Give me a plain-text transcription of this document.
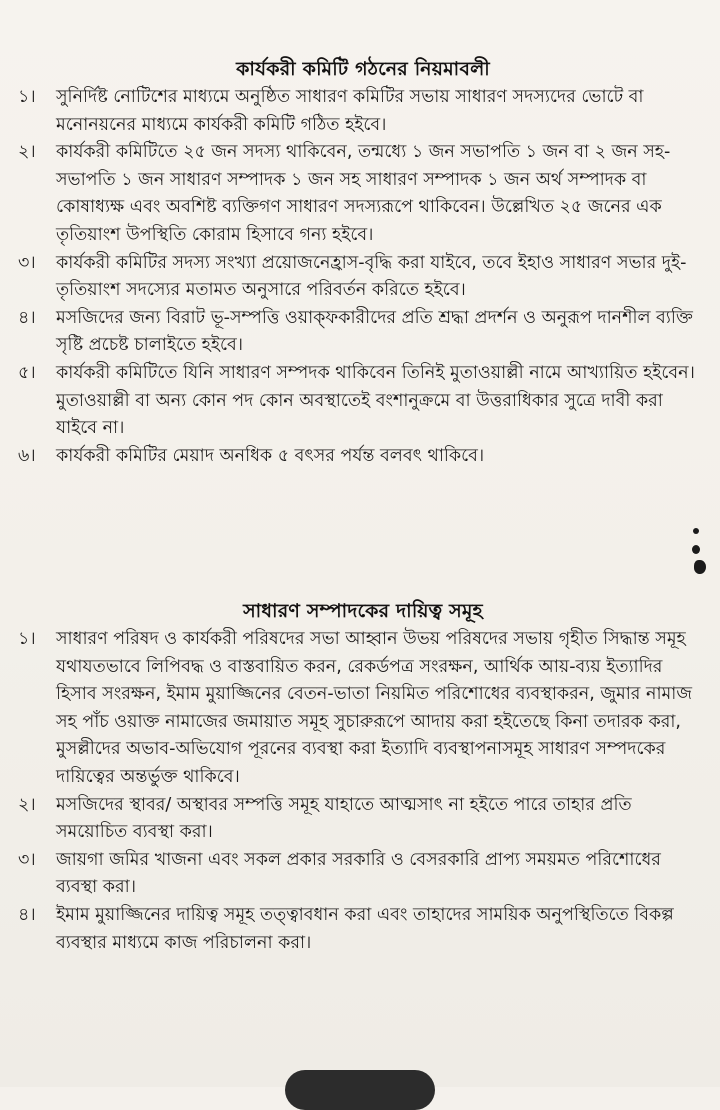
কার্যকরী কমিটি গঠনের নিয়মাবলী
১।	সুনির্দিষ্ট নোটিশের মাধ্যমে অনুষ্ঠিত সাধারণ কমিটির সভায় সাধারণ সদস্যদের ভোটে বা মনোনয়নের মাধ্যমে কার্যকরী কমিটি গঠিত হইবে।
২।	কার্যকরী কমিটিতে ২৫ জন সদস্য থাকিবেন, তন্মধ্যে ১ জন সভাপতি ১ জন বা ২ জন সহ-সভাপতি ১ জন সাধারণ সম্পাদক ১ জন সহ সাধারণ সম্পাদক ১ জন অর্থ সম্পাদক বা কোষাধ্যক্ষ এবং অবশিষ্ট ব্যক্তিগণ সাধারণ সদস্যরূপে থাকিবেন। উল্লেখিত ২৫ জনের এক তৃতিয়াংশ উপস্থিতি কোরাম হিসাবে গন্য হইবে।
৩।	কার্যকরী কমিটির সদস্য সংখ্যা প্রয়োজনেহ্রাস-বৃদ্ধি করা যাইবে, তবে ইহাও সাধারণ সভার দুই-তৃতিয়াংশ সদস্যের মতামত অনুসারে পরিবর্তন করিতে হইবে।
৪।	মসজিদের জন্য বিরাট ভূ-সম্পত্তি ওয়াক্ফকারীদের প্রতি শ্রদ্ধা প্রদর্শন ও অনুরূপ দানশীল ব্যক্তি সৃষ্টি প্রচেষ্ট চালাইতে হইবে।
৫।	কার্যকরী কমিটিতে যিনি সাধারণ সম্পদক থাকিবেন তিনিই মুতাওয়াল্লী নামে আখ্যায়িত হইবেন। মুতাওয়াল্লী বা অন্য কোন পদ কোন অবস্থাতেই বংশানুক্রমে বা উত্তরাধিকার সুত্রে দাবী করা যাইবে না।
৬।	কার্যকরী কমিটির মেয়াদ অনধিক ৫ বৎসর পর্যন্ত বলবৎ থাকিবে।
সাধারণ সম্পাদকের দায়িত্ব সমূহ
১।	সাধারণ পরিষদ ও কার্যকরী পরিষদের সভা আহ্বান উভয় পরিষদের সভায় গৃহীত সিদ্ধান্ত সমূহ যথাযতভাবে লিপিবদ্ধ ও বাস্তবায়িত করন, রেকর্ডপত্র সংরক্ষন, আর্থিক আয়-ব্যয় ইত্যাদির হিসাব সংরক্ষন, ইমাম মুয়াজ্জিনের বেতন-ভাতা নিয়মিত পরিশোধের ব্যবস্থাকরন, জুমার নামাজ সহ পাঁচ ওয়াক্ত নামাজের জমায়াত সমূহ সুচারুরূপে আদায় করা হইতেছে কিনা তদারক করা, মুসল্লীদের অভাব-অভিযোগ পূরনের ব্যবস্থা করা ইত্যাদি ব্যবস্থাপনাসমূহ সাধারণ সম্পদকের দায়িত্বের অন্তর্ভুক্ত থাকিবে।
২।	মসজিদের স্থাবর/ অস্থাবর সম্পত্তি সমূহ যাহাতে আত্মসাৎ না হইতে পারে তাহার প্রতি সময়োচিত ব্যবস্থা করা।
৩।	জায়গা জমির খাজনা এবং সকল প্রকার সরকারি ও বেসরকারি প্রাপ্য সময়মত পরিশোধের ব্যবস্থা করা।
৪।	ইমাম মুয়াজ্জিনের দায়িত্ব সমূহ তত্ত্বাবধান করা এবং তাহাদের সাময়িক অনুপস্থিতিতে বিকল্প ব্যবস্থার মাধ্যমে কাজ পরিচালনা করা।
